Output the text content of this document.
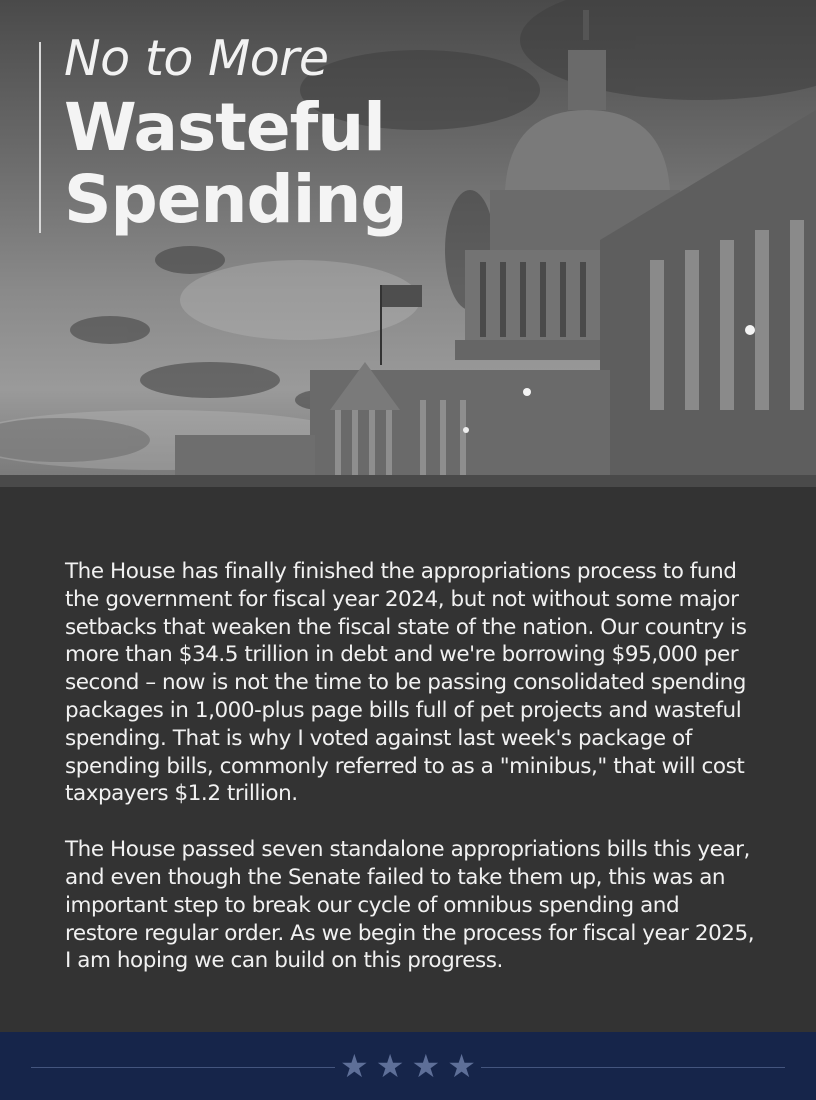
No to More
Wasteful
Spending

The House has finally finished the appropriations process to fund the government for fiscal year 2024, but not without some major setbacks that weaken the fiscal state of the nation. Our country is more than $34.5 trillion in debt and we're borrowing $95,000 per second – now is not the time to be passing consolidated spending packages in 1,000-plus page bills full of pet projects and wasteful spending. That is why I voted against last week's package of spending bills, commonly referred to as a "minibus," that will cost taxpayers $1.2 trillion.

The House passed seven standalone appropriations bills this year, and even though the Senate failed to take them up, this was an important step to break our cycle of omnibus spending and restore regular order. As we begin the process for fiscal year 2025, I am hoping we can build on this progress.

★ ★ ★ ★
